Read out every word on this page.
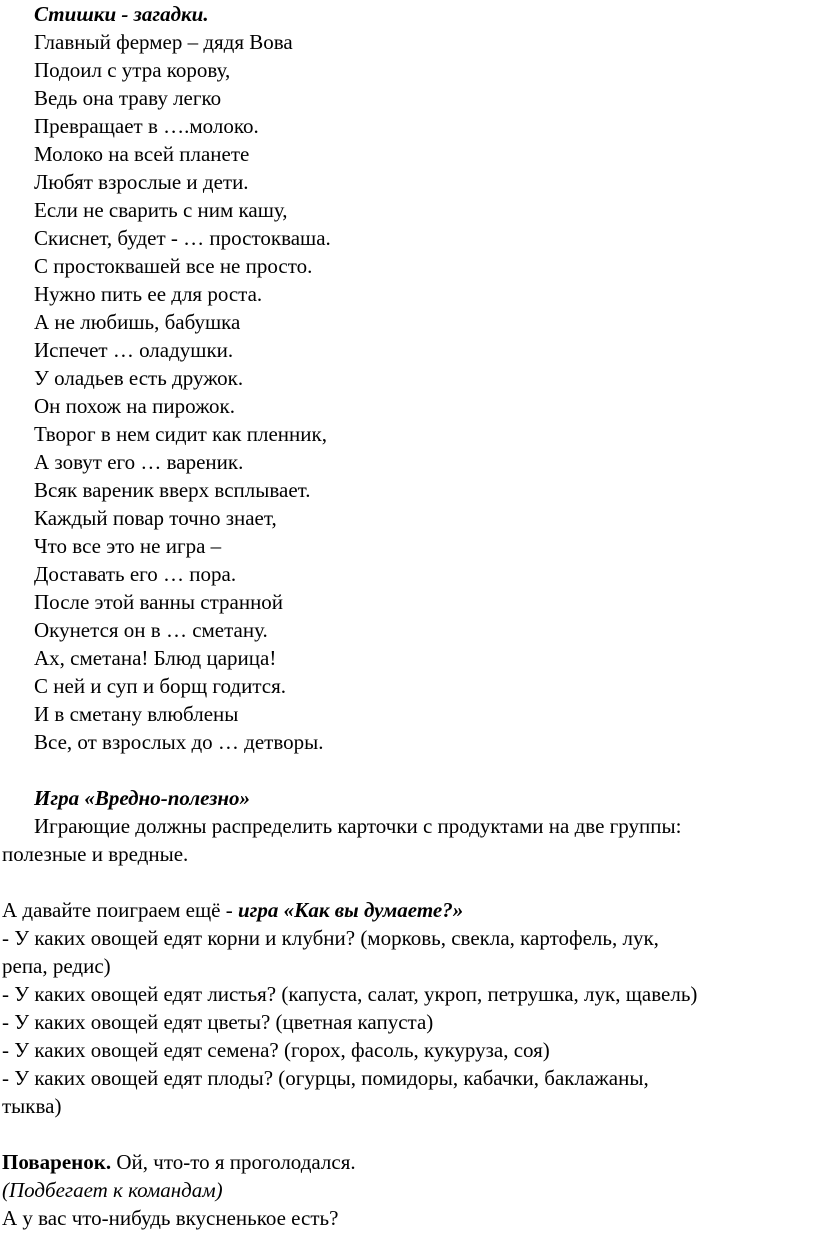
Стишки - загадки.
Главный фермер – дядя Вова
Подоил с утра корову,
Ведь она траву легко
Превращает в ….молоко.
Молоко на всей планете
Любят взрослые и дети.
Если не сварить с ним кашу,
Скиснет, будет - … простокваша.
С простоквашей все не просто.
Нужно пить ее для роста.
А не любишь, бабушка
Испечет … оладушки.
У оладьев есть дружок.
Он похож на пирожок.
Творог в нем сидит как пленник,
А зовут его … вареник.
Всяк вареник вверх всплывает.
Каждый повар точно знает,
Что все это не игра –
Доставать его … пора.
После этой ванны странной
Окунется он в … сметану.
Ах, сметана! Блюд царица!
С ней и суп и борщ годится.
И в сметану влюблены
Все, от взрослых до … детворы.
Игра «Вредно-полезно»
Играющие должны распределить карточки с продуктами на две группы:
полезные и вредные.
А давайте поиграем ещё - игра «Как вы думаете?»
- У каких овощей едят корни и клубни? (морковь, свекла, картофель, лук,
репа, редис)
- У каких овощей едят листья? (капуста, салат, укроп, петрушка, лук, щавель)
- У каких овощей едят цветы? (цветная капуста)
- У каких овощей едят семена? (горох, фасоль, кукуруза, соя)
- У каких овощей едят плоды? (огурцы, помидоры, кабачки, баклажаны,
тыква)
Поваренок. Ой, что-то я проголодался.
(Подбегает к командам)
А у вас что-нибудь вкусненькое есть?
